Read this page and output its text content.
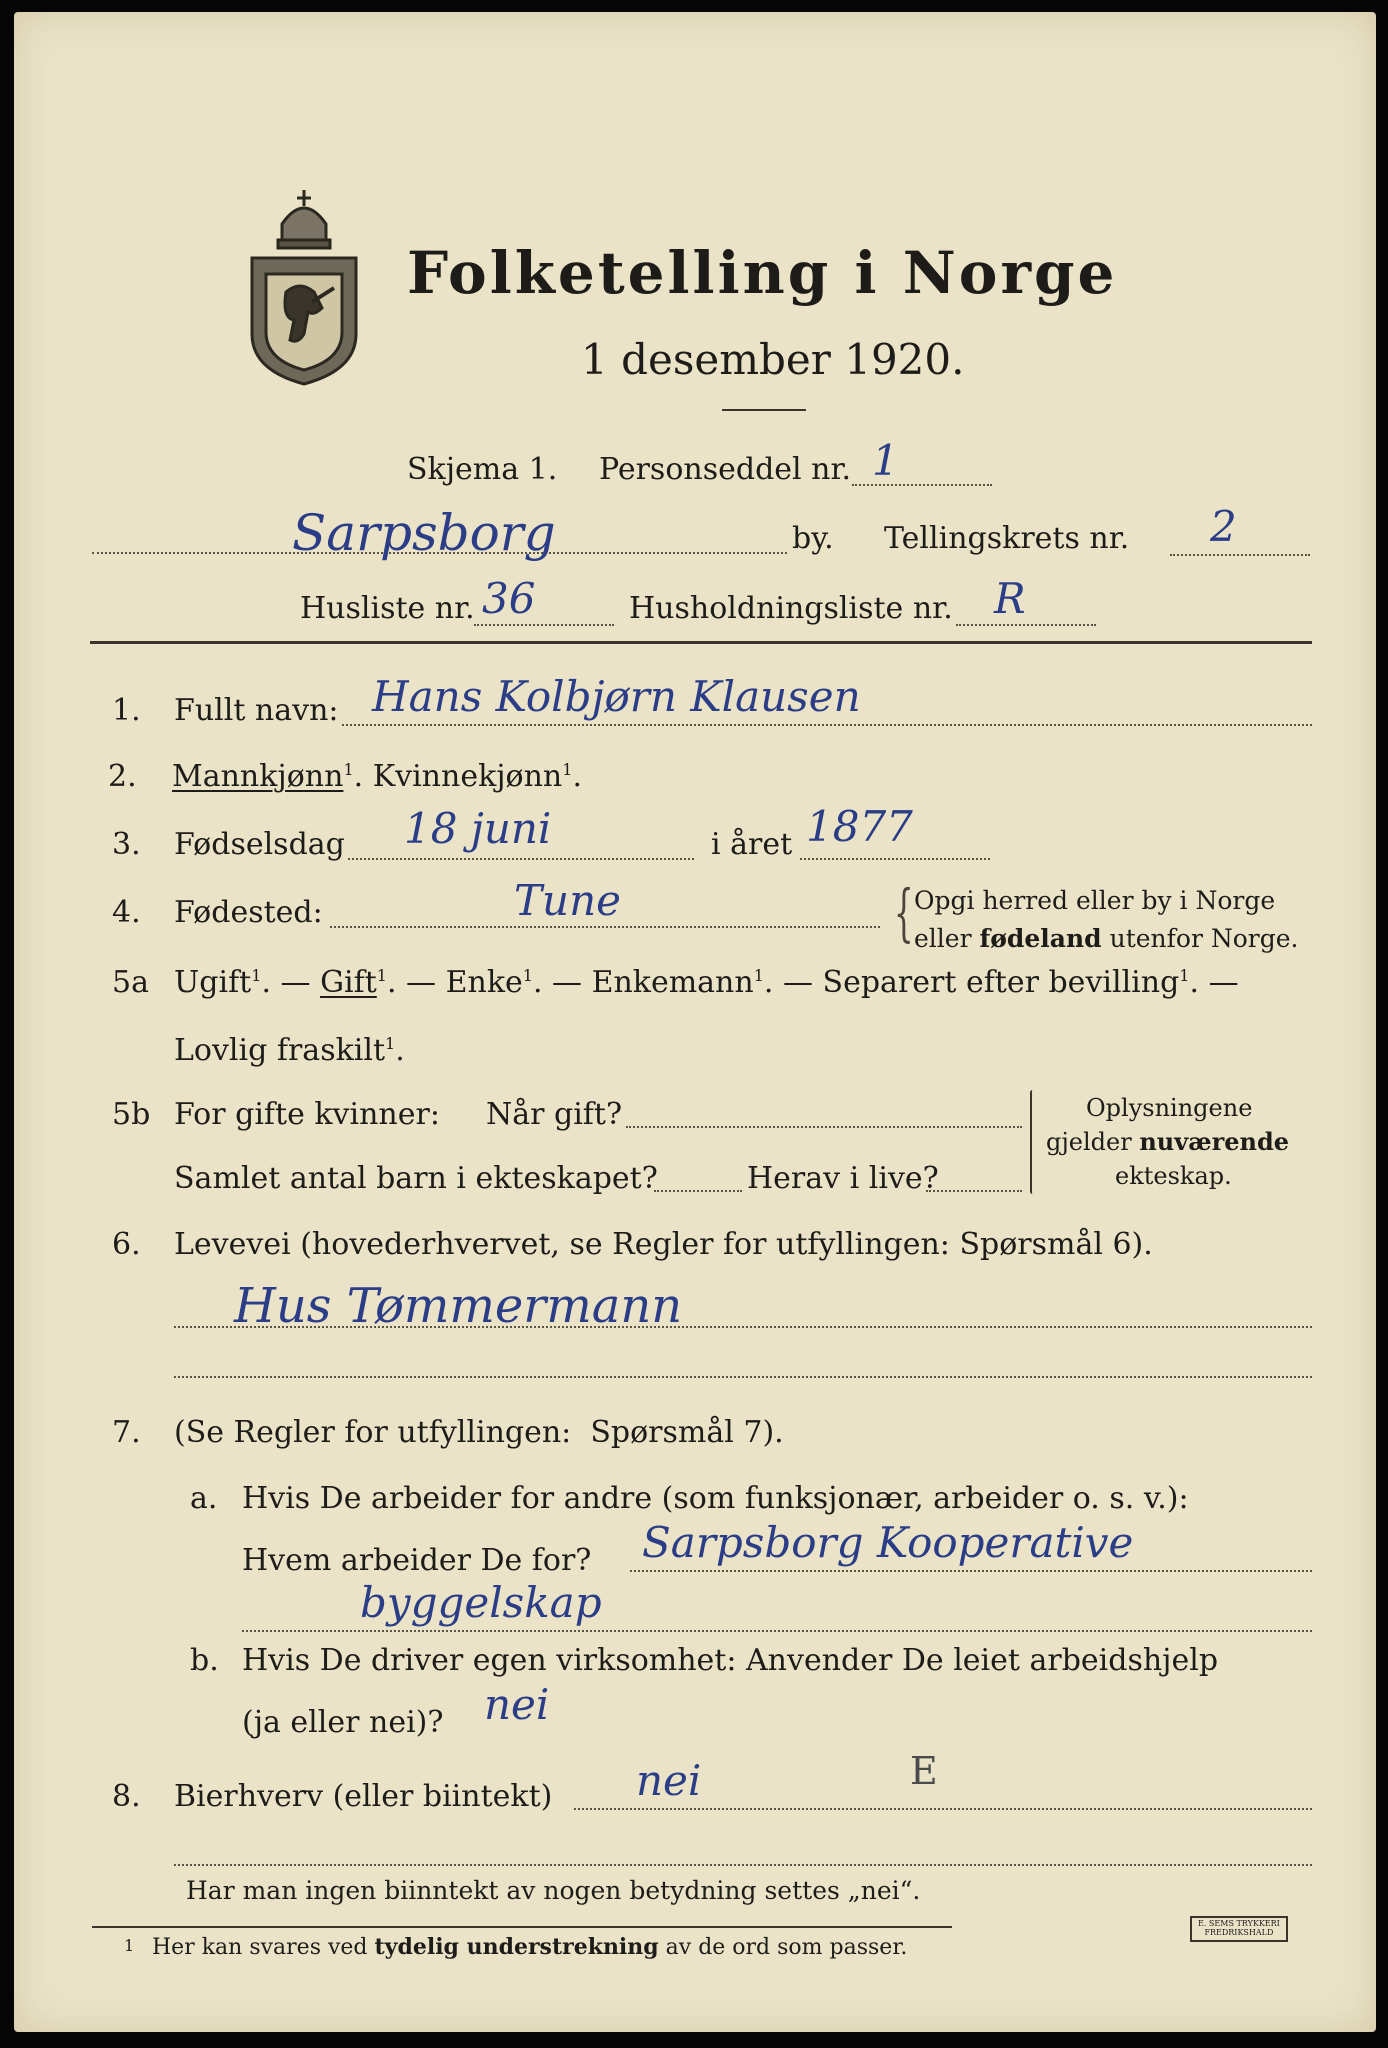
Folketelling i Norge
1 desember 1920.
Skjema 1. Personseddel nr. 1
Sarpsborg	by. Tellingskrets nr. 2
Husliste nr. 36	Husholdningsliste nr. R
1. Fullt navn: Hans Kolbjørn Klausen
2. Mannkjønn$^1$. Kvinnekjønn$^1$.
3. Fødselsdag 18 juni	i året 1877
4. Fødested:	Tune	{ Opgi herred eller by i Norge
eller fødeland utenfor Norge.
5a Ugift$^1$. — Gift$^1$. — Enke$^1$. — Enkemann$^1$. — Separert efter bevilling$^1$. —
Lovlig fraskilt$^1$.
5b For gifte kvinner: Når gift?
Samlet antal barn i ekteskapet?	Herav i live?
Oplysningene
gjelder nuværende
ekteskap.
6. Levevei (hovederhvervet, se Regler for utfyllingen: Spørsmål 6).
Hus Tømmermann
7. (Se Regler for utfyllingen: Spørsmål 7).
a. Hvis De arbeider for andre (som funksjonær, arbeider o. s. v.):
Hvem arbeider De for? Sarpsborg Kooperative
byggelskap
b. Hvis De driver egen virksomhet: Anvender De leiet arbeidshjelp
(ja eller nei)? nei
8. Bierhverv (eller biintekt) nei	E
Har man ingen biinntekt av nogen betydning settes „nei“.
1 Her kan svares ved tydelig understrekning av de ord som passer.
E. SEMS TRYKKERI
FREDRIKSHALD
